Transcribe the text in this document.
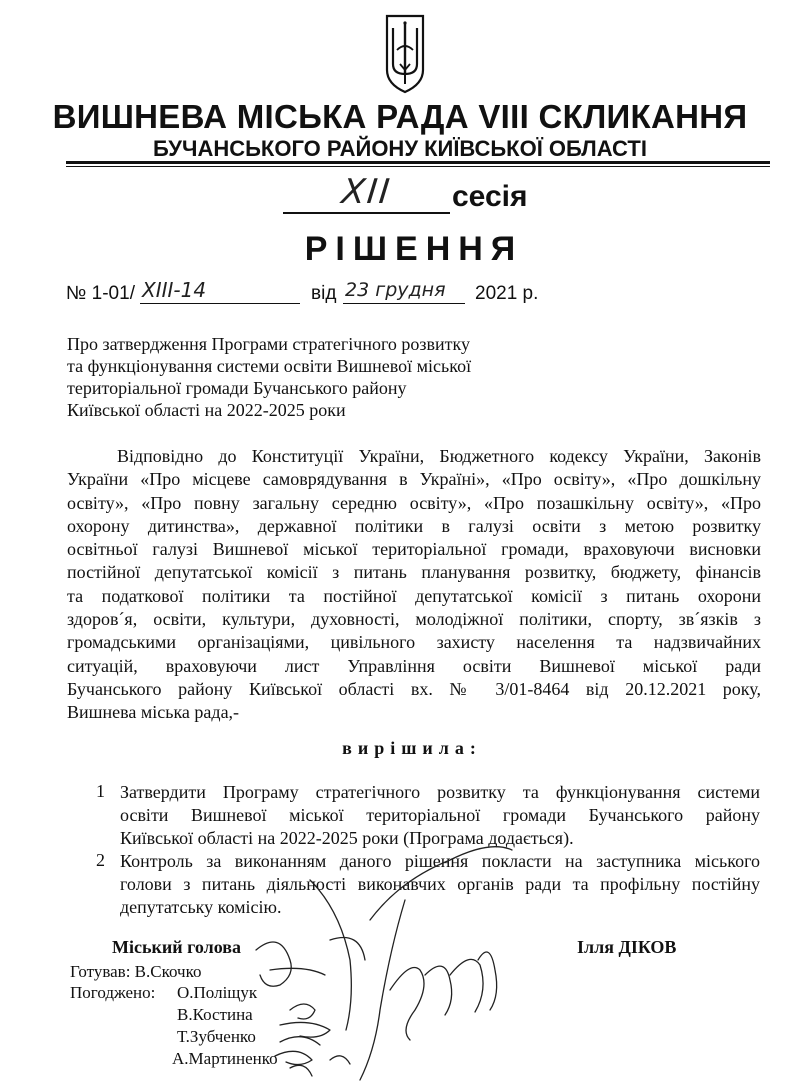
ВИШНЕВА МІСЬКА РАДА VIII СКЛИКАННЯ
БУЧАНСЬКОГО РАЙОНУ КИЇВСЬКОЇ ОБЛАСТІ
XII	сесія
РІШЕННЯ
№ 1-01/ XIII-14	від 23 грудня 2021 р.
Про затвердження Програми стратегічного розвитку
та функціонування системи освіти Вишневої міської
територіальної громади Бучанського району
Київської області на 2022-2025 роки
Відповідно до Конституції України, Бюджетного кодексу України, Законів
України «Про місцеве самоврядування в Україні», «Про освіту», «Про дошкільну
освіту», «Про повну загальну середню освіту», «Про позашкільну освіту», «Про
охорону дитинства», державної політики в галузі освіти з метою розвитку
освітньої галузі Вишневої міської територіальної громади, враховуючи висновки
постійної депутатської комісії з питань планування розвитку, бюджету, фінансів
та податкової політики та постійної депутатської комісії з питань охорони
здоров´я, освіти, культури, духовності, молодіжної політики, спорту, зв´язків з
громадськими організаціями, цивільного захисту населення та надзвичайних
ситуацій, враховуючи лист Управління освіти Вишневої міської ради
Бучанського району Київської області вх. № 3/01-8464 від 20.12.2021 року,
Вишнева міська рада,-
вирішила:
1 Затвердити Програму стратегічного розвитку та функціонування системи
освіти Вишневої міської територіальної громади Бучанського району
Київської області на 2022-2025 роки (Програма додається).
2 Контроль за виконанням даного рішення покласти на заступника міського
голови з питань діяльності виконавчих органів ради та профільну постійну
депутатську комісію.
Міський голова	Ілля ДІКОВ
Готував: В.Скочко
Погоджено: О.Поліщук
В.Костина
Т.Зубченко
А.Мартиненко
